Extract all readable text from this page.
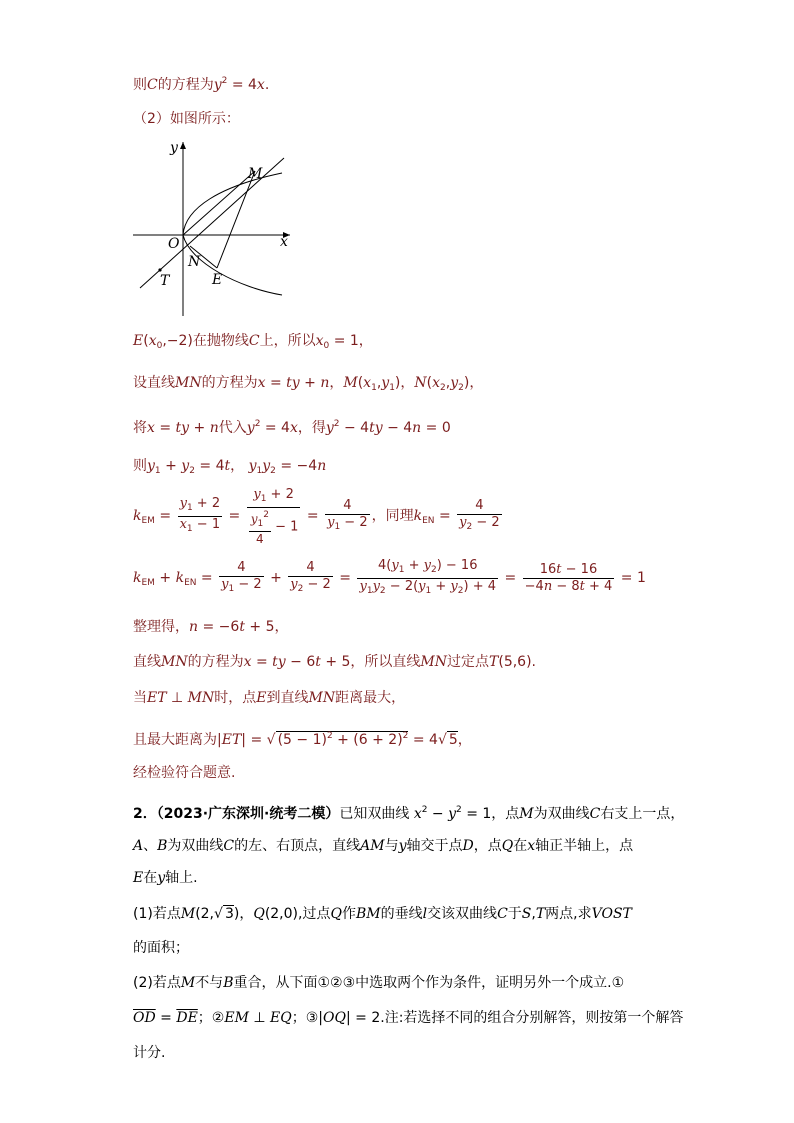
则C的方程为$y^2 = 4x$.
（2）如图所示：
y
x
O
M
N
E
T
$E(x_0,-2)$在抛物线C上，所以$x_0 = 1$，
设直线MN的方程为x = ty + n，$M(x_1,y_1)$，$N(x_2,y_2)$，
将x = ty + n代入$y^2 = 4x$，得$y^2 - 4ty - 4n = 0$
则$y_1 + y_2 = 4t$， $y_1y_2 = -4n$
$k_{EM} = \frac{y_1 + 2}{x_1 - 1} = \frac{y_1 + 2}{\frac{y_1^2}{4} - 1} = \frac{4}{y_1 - 2}$ ，同理$k_{EN} = \frac{4}{y_2 - 2}$
$k_{EM} + k_{EN} = \frac{4}{y_1 - 2} + \frac{4}{y_2 - 2} = \frac{4(y_1 + y_2) - 16}{y_1y_2 - 2(y_1 + y_2) + 4} = \frac{16t - 16}{-4n - 8t + 4} = 1$
整理得，n = −6t + 5，
直线MN的方程为x = ty − 6t + 5，所以直线MN过定点T(5,6).
当ET ⊥ MN时，点E到直线MN距离最大，
且最大距离为|ET| = √ $(5 - 1)^2 + (6 + 2)^2 = 4√$ 5，
经检验符合题意.
2．（2023·广东深圳·统考二模）已知双曲线 $x^2 - y^2 = 1$，点M为双曲线C右支上一点，
A、B为双曲线C的左、右顶点，直线AM与y轴交于点D，点Q在x轴正半轴上，点
E在y轴上.
(1)若点M(2,√ 3)，Q(2,0),过点Q作BM的垂线l交该双曲线C于S,T两点,求VOST
的面积；
(2)若点M不与B重合，从下面①②③中选取两个作为条件，证明另外一个成立.①
$\overline{OD} = \overline{DE}$；②EM ⊥ EQ；③|OQ| = 2.注:若选择不同的组合分别解答，则按第一个解答
计分.
